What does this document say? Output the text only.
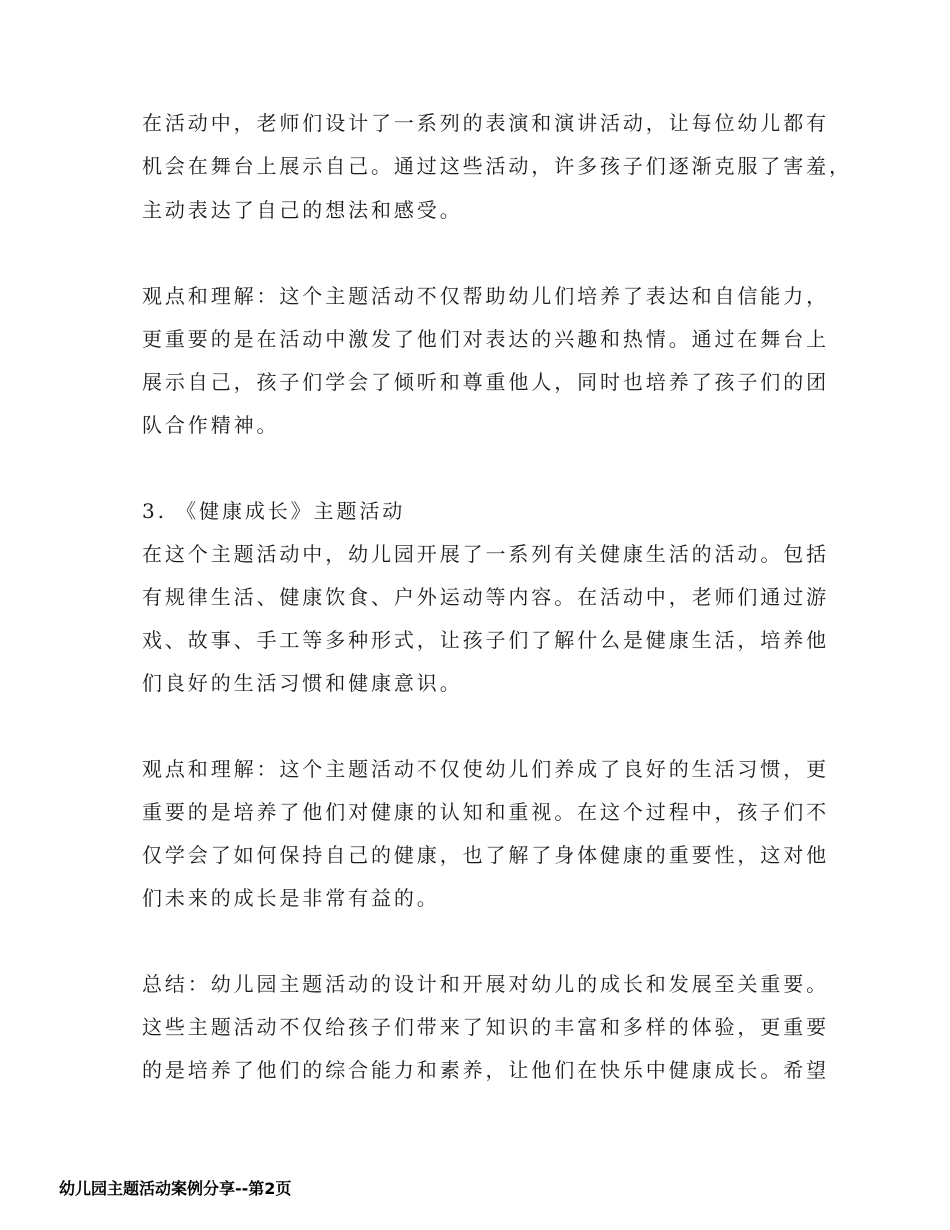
在活动中，老师们设计了一系列的表演和演讲活动，让每位幼儿都有
机会在舞台上展示自己。通过这些活动，许多孩子们逐渐克服了害羞，
主动表达了自己的想法和感受。
观点和理解：这个主题活动不仅帮助幼儿们培养了表达和自信能力，
更重要的是在活动中激发了他们对表达的兴趣和热情。通过在舞台上
展示自己，孩子们学会了倾听和尊重他人，同时也培养了孩子们的团
队合作精神。
3. 《健康成长》主题活动
在这个主题活动中，幼儿园开展了一系列有关健康生活的活动。包括
有规律生活、健康饮食、户外运动等内容。在活动中，老师们通过游
戏、故事、手工等多种形式，让孩子们了解什么是健康生活，培养他
们良好的生活习惯和健康意识。
观点和理解：这个主题活动不仅使幼儿们养成了良好的生活习惯，更
重要的是培养了他们对健康的认知和重视。在这个过程中，孩子们不
仅学会了如何保持自己的健康，也了解了身体健康的重要性，这对他
们未来的成长是非常有益的。
总结：幼儿园主题活动的设计和开展对幼儿的成长和发展至关重要。
这些主题活动不仅给孩子们带来了知识的丰富和多样的体验，更重要
的是培养了他们的综合能力和素养，让他们在快乐中健康成长。希望
幼儿园主题活动案例分享--第2页
